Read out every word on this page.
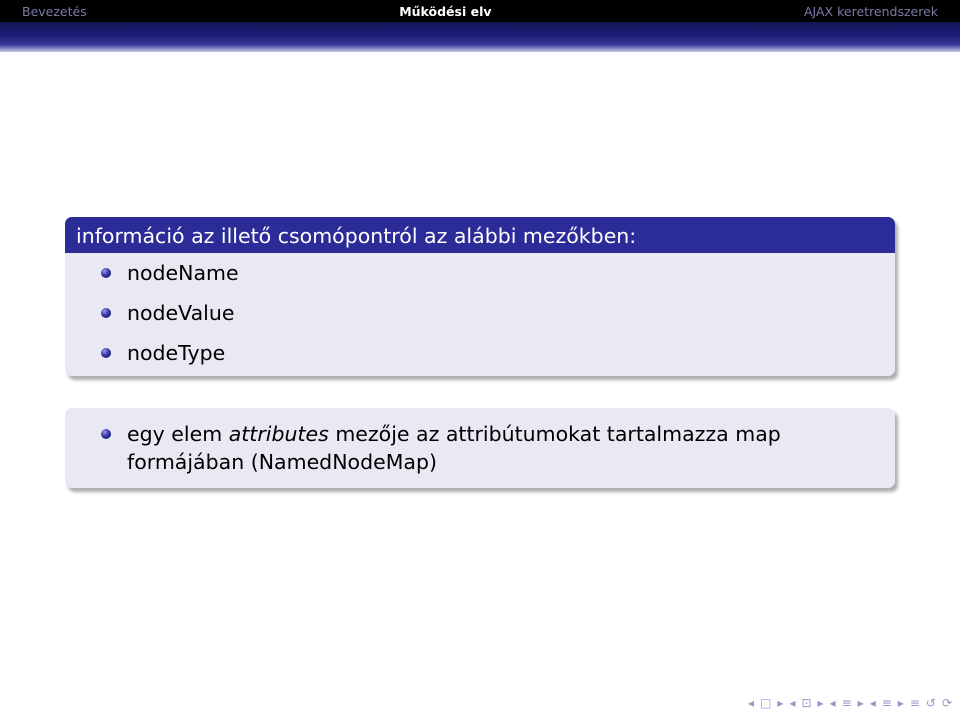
Bevezetés	Működési elv	AJAX keretrendszerek
információ az illető csomópontról az alábbi mezőkben:
nodeName
nodeValue
nodeType
egy elem attributes mezője az attribútumokat tartalmazza map
formájában (NamedNodeMap)
◂ □ ▸ ◂ ⊡ ▸ ◂ ≡ ▸ ◂ ≡ ▸ ≡ ↺ ⟳
